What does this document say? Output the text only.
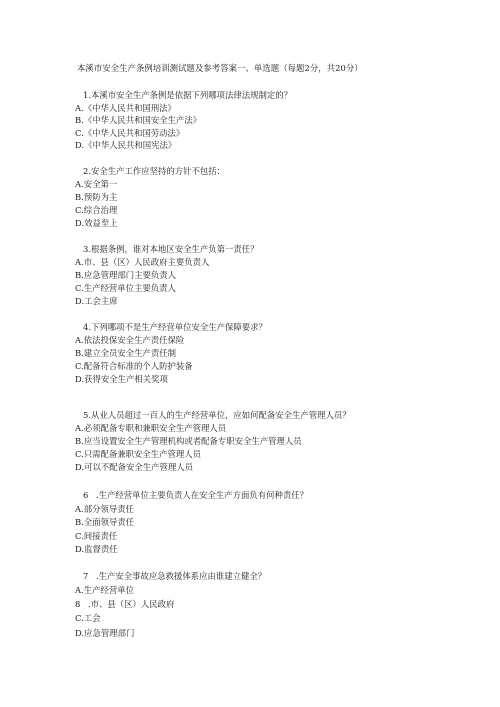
本溪市安全生产条例培训测试题及参考答案一、单选题（每题2分，共20分）
1.本溪市安全生产条例是依据下列哪项法律法规制定的？
A.《中华人民共和国刑法》
B.《中华人民共和国安全生产法》
C.《中华人民共和国劳动法》
D.《中华人民共和国宪法》
2.安全生产工作应坚持的方针不包括：
A.安全第一
B.预防为主
C.综合治理
D.效益至上
3.根据条例，谁对本地区安全生产负第一责任？
A.市、县（区）人民政府主要负责人
B.应急管理部门主要负责人
C.生产经营单位主要负责人
D.工会主席
4.下列哪项不是生产经营单位安全生产保障要求？
A.依法投保安全生产责任保险
B.建立全员安全生产责任制
C.配备符合标准的个人防护装备
D.获得安全生产相关奖项
5.从业人员超过一百人的生产经营单位，应如何配备安全生产管理人员？
A.必须配备专职和兼职安全生产管理人员
B.应当设置安全生产管理机构或者配备专职安全生产管理人员
C.只需配备兼职安全生产管理人员
D.可以不配备安全生产管理人员
6 .生产经营单位主要负责人在安全生产方面负有何种责任？
A.部分领导责任
B.全面领导责任
C.间接责任
D.监督责任
7 .生产安全事故应急救援体系应由谁建立健全？
A.生产经营单位
8 .市、县（区）人民政府
C.工会
D.应急管理部门
